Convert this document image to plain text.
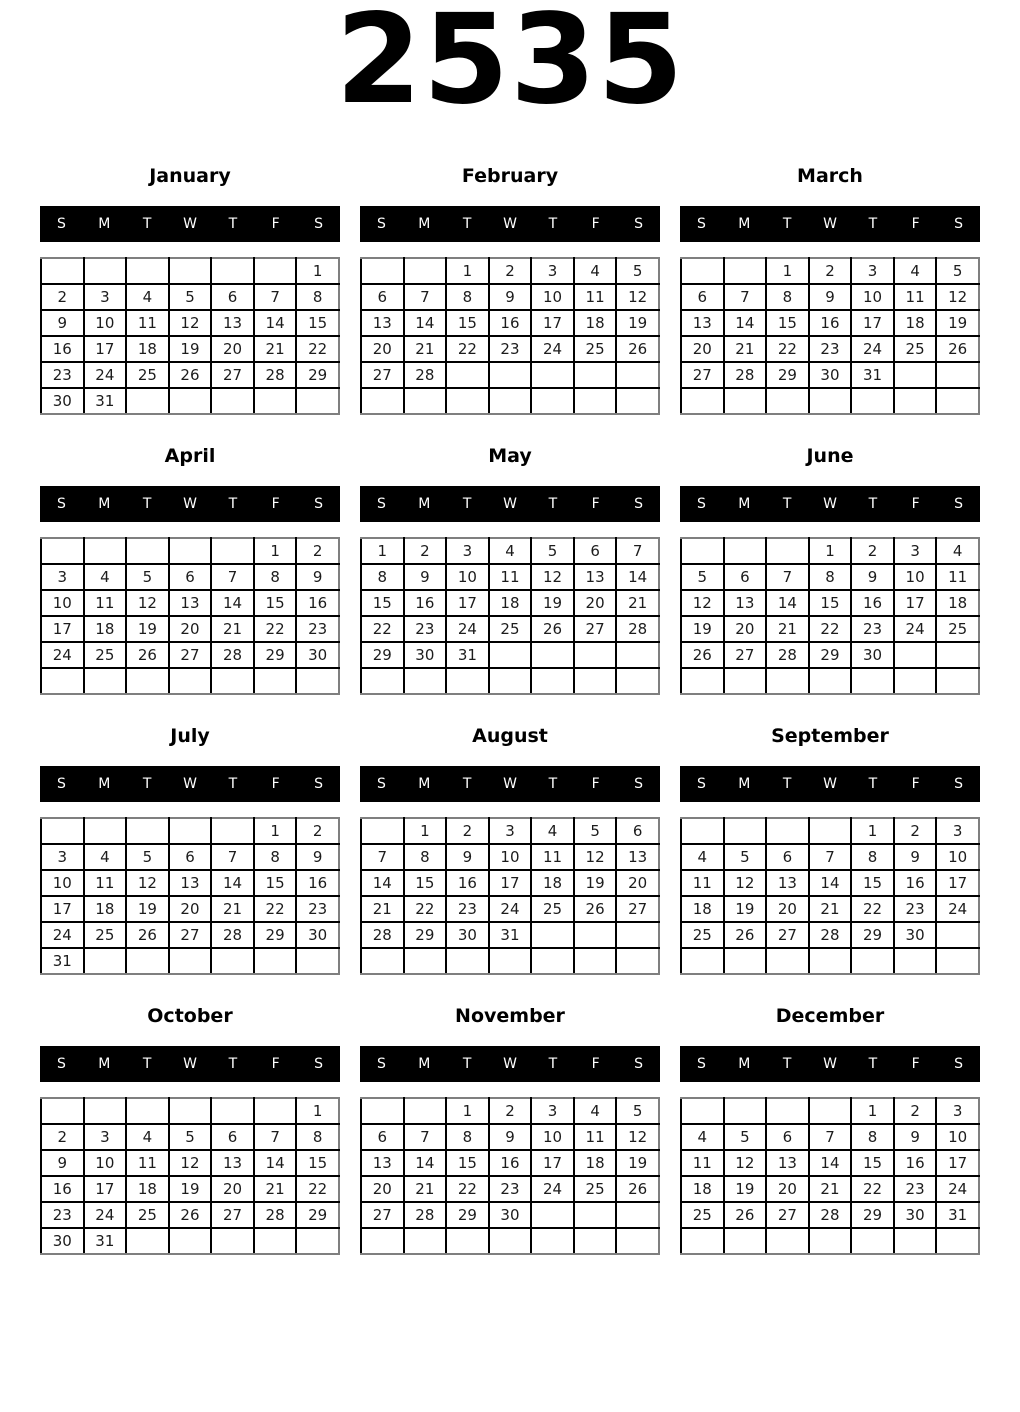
2535
January
S	M	T	W	T	F	S
						1
2	3	4	5	6	7	8
9	10	11	12	13	14	15
16	17	18	19	20	21	22
23	24	25	26	27	28	29
30	31					
February
S	M	T	W	T	F	S
		1	2	3	4	5
6	7	8	9	10	11	12
13	14	15	16	17	18	19
20	21	22	23	24	25	26
27	28					

March
S	M	T	W	T	F	S
		1	2	3	4	5
6	7	8	9	10	11	12
13	14	15	16	17	18	19
20	21	22	23	24	25	26
27	28	29	30	31		

April
S	M	T	W	T	F	S
					1	2
3	4	5	6	7	8	9
10	11	12	13	14	15	16
17	18	19	20	21	22	23
24	25	26	27	28	29	30

May
S	M	T	W	T	F	S
1	2	3	4	5	6	7
8	9	10	11	12	13	14
15	16	17	18	19	20	21
22	23	24	25	26	27	28
29	30	31				

June
S	M	T	W	T	F	S
			1	2	3	4
5	6	7	8	9	10	11
12	13	14	15	16	17	18
19	20	21	22	23	24	25
26	27	28	29	30		

July
S	M	T	W	T	F	S
					1	2
3	4	5	6	7	8	9
10	11	12	13	14	15	16
17	18	19	20	21	22	23
24	25	26	27	28	29	30
31						
August
S	M	T	W	T	F	S
	1	2	3	4	5	6
7	8	9	10	11	12	13
14	15	16	17	18	19	20
21	22	23	24	25	26	27
28	29	30	31			

September
S	M	T	W	T	F	S
				1	2	3
4	5	6	7	8	9	10
11	12	13	14	15	16	17
18	19	20	21	22	23	24
25	26	27	28	29	30	

October
S	M	T	W	T	F	S
						1
2	3	4	5	6	7	8
9	10	11	12	13	14	15
16	17	18	19	20	21	22
23	24	25	26	27	28	29
30	31					
November
S	M	T	W	T	F	S
		1	2	3	4	5
6	7	8	9	10	11	12
13	14	15	16	17	18	19
20	21	22	23	24	25	26
27	28	29	30			

December
S	M	T	W	T	F	S
				1	2	3
4	5	6	7	8	9	10
11	12	13	14	15	16	17
18	19	20	21	22	23	24
25	26	27	28	29	30	31
